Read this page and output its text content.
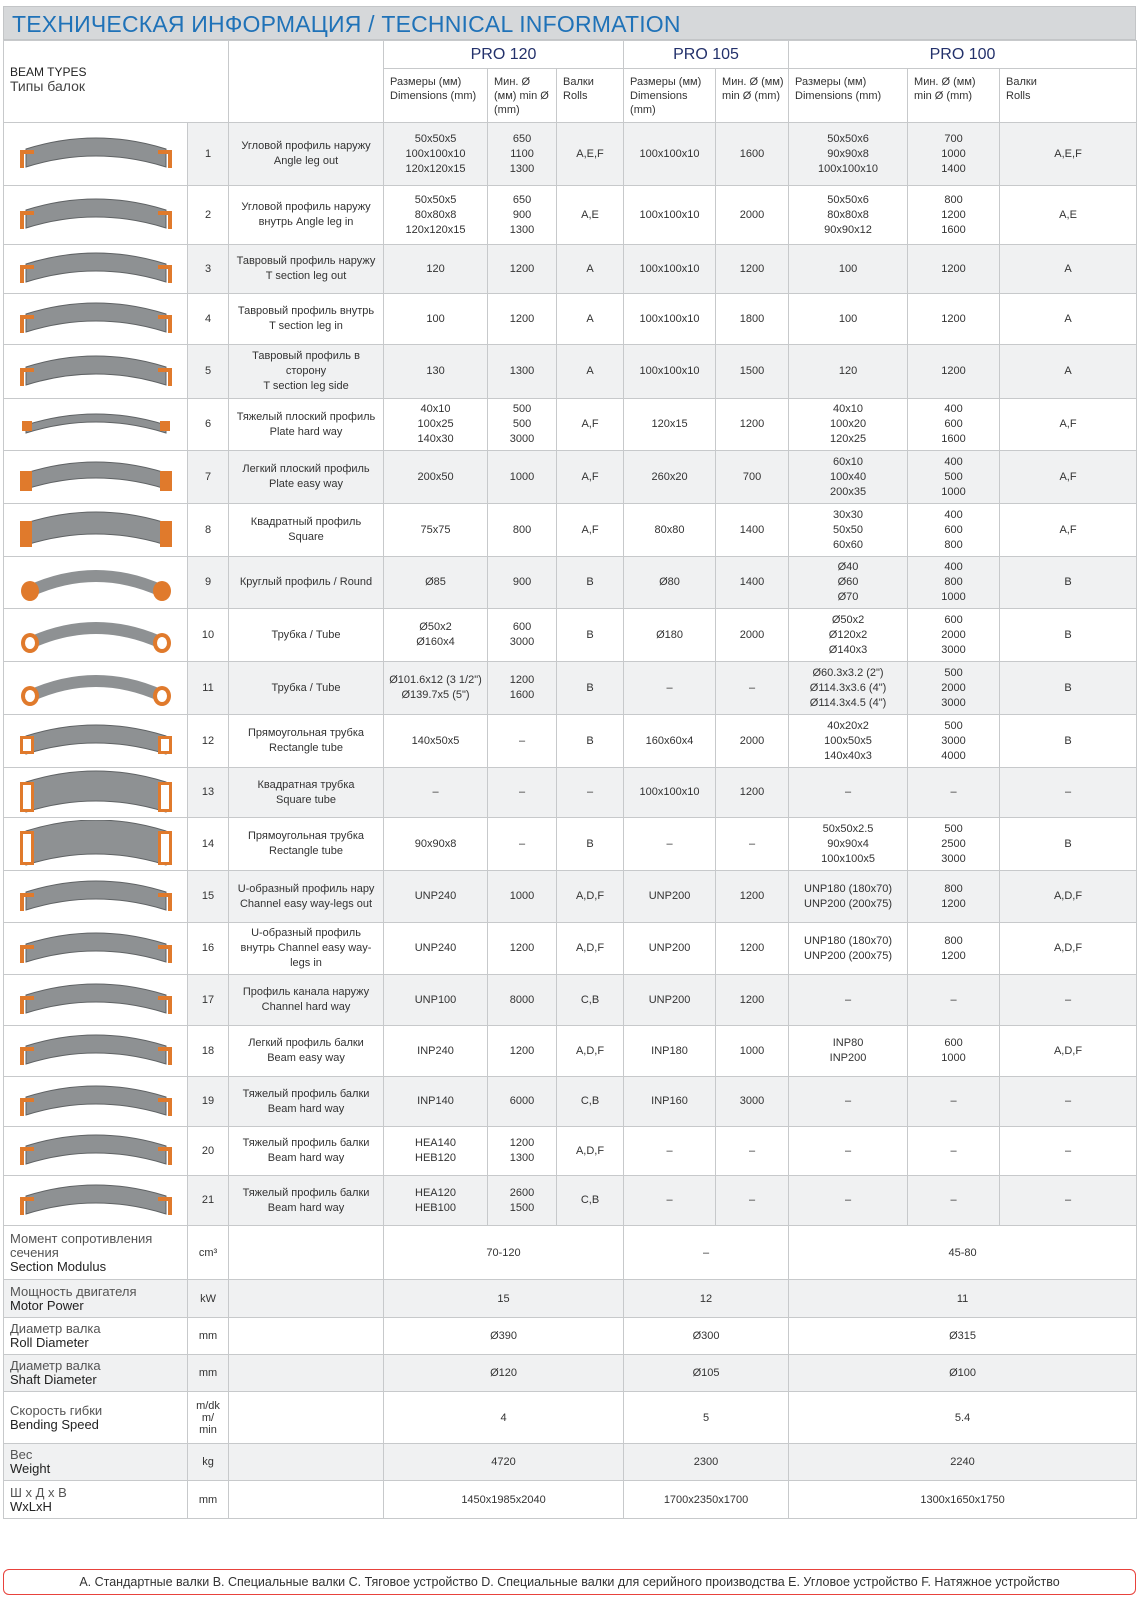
ТЕХНИЧЕСКАЯ ИНФОРМАЦИЯ / TECHNICAL INFORMATION
BEAM TYPES
Типы балок			PRO 120			PRO 105		PRO 100		
			Размеры (мм)
Dimensions (mm)	Мин. Ø
(мм) min Ø
(mm)	Валки
Rolls	Размеры (мм)
Dimensions (mm)	Мин. Ø (мм)
min Ø (mm)	Размеры (мм)
Dimensions (mm)	Мин. Ø (мм)
min Ø (mm)	Валки
Rolls

	1	Угловой профиль наружу
Angle leg out	50x50x5
100x100x10
120x120x15	650
1100
1300	A,E,F	100x100x10	1600	50x50x6
90x90x8
100x100x10	700
1000
1400	A,E,F

	2	Угловой профиль наружу
внутрь Angle leg in	50x50x5
80x80x8
120x120x15	650
900
1300	A,E	100x100x10	2000	50x50x6
80x80x8
90x90x12	800
1200
1600	A,E

	3	Тавровый профиль наружу
T section leg out	120	1200	A	100x100x10	1200	100	1200	A

	4	Тавровый профиль внутрь
T section leg in	100	1200	A	100x100x10	1800	100	1200	A

	5	Тавровый профиль в
сторону
T section leg side	130	1300	A	100x100x10	1500	120	1200	A

	6	Тяжелый плоский профиль
Plate hard way	40x10
100x25
140x30	500
500
3000	A,F	120x15	1200	40x10
100x20
120x25	400
600
1600	A,F

	7	Легкий плоский профиль
Plate easy way	200x50	1000	A,F	260x20	700	60x10
100x40
200x35	400
500
1000	A,F

	8	Квадратный профиль
Square	75x75	800	A,F	80x80	1400	30x30
50x50
60x60	400
600
800	A,F

	9	Круглый профиль / Round	Ø85	900	B	Ø80	1400	Ø40
Ø60
Ø70	400
800
1000	B

	10	Трубка / Tube	Ø50x2
Ø160x4	600
3000	B	Ø180	2000	Ø50x2
Ø120x2
Ø140x3	600
2000
3000	B

	11	Трубка / Tube	Ø101.6x12 (3 1/2")
Ø139.7x5 (5")	1200
1600	B	–	–	Ø60.3x3.2 (2")
Ø114.3x3.6 (4")
Ø114.3x4.5 (4")	500
2000
3000	B

	12	Прямоугольная трубка
Rectangle tube	140x50x5	–	B	160x60x4	2000	40x20x2
100x50x5
140x40x3	500
3000
4000	B

	13	Квадратная трубка
Square tube	–	–	–	100x100x10	1200	–	–	–

	14	Прямоугольная трубка
Rectangle tube	90x90x8	–	B	–	–	50x50x2.5
90x90x4
100x100x5	500
2500
3000	B

	15	U-образный профиль нару
Channel easy way-legs out	UNP240	1000	A,D,F	UNP200	1200	UNP180 (180x70)
UNP200 (200x75)	800
1200	A,D,F

	16	U-образный профиль
внутрь Channel easy way-
legs in	UNP240	1200	A,D,F	UNP200	1200	UNP180 (180x70)
UNP200 (200x75)	800
1200	A,D,F

	17	Профиль канала наружу
Channel hard way	UNP100	8000	C,B	UNP200	1200	–	–	–

	18	Легкий профиль балки
Beam easy way	INP240	1200	A,D,F	INP180	1000	INP80
INP200	600
1000	A,D,F

	19	Тяжелый профиль балки
Beam hard way	INP140	6000	C,B	INP160	3000	–	–	–

	20	Тяжелый профиль балки
Beam hard way	HEA140
HEB120	1200
1300	A,D,F	–	–	–	–	–

	21	Тяжелый профиль балки
Beam hard way	HEA120
HEB100	2600
1500	C,B	–	–	–	–	–

Момент сопротивления
сечения
Section Modulus	cm³		70-120			–		45-80		

Мощность двигателя
Motor Power	kW		15			12		11		

Диаметр валка
Roll Diameter	mm		Ø390			Ø300		Ø315		

Диаметр валка
Shaft Diameter	mm		Ø120			Ø105		Ø100		

Скорость гибки
Bending Speed	m/dk
m/
min		4			5		5.4		

Вес
Weight	kg		4720			2300		2240		

Ш x Д x В
WxLxH	mm		1450x1985x2040			1700x2350x1700		1300x1650x1750		
A. Стандартные валки B. Специальные валки C. Тяговое устройство D. Специальные валки для серийного производства E. Угловое устройство F. Натяжное устройство
